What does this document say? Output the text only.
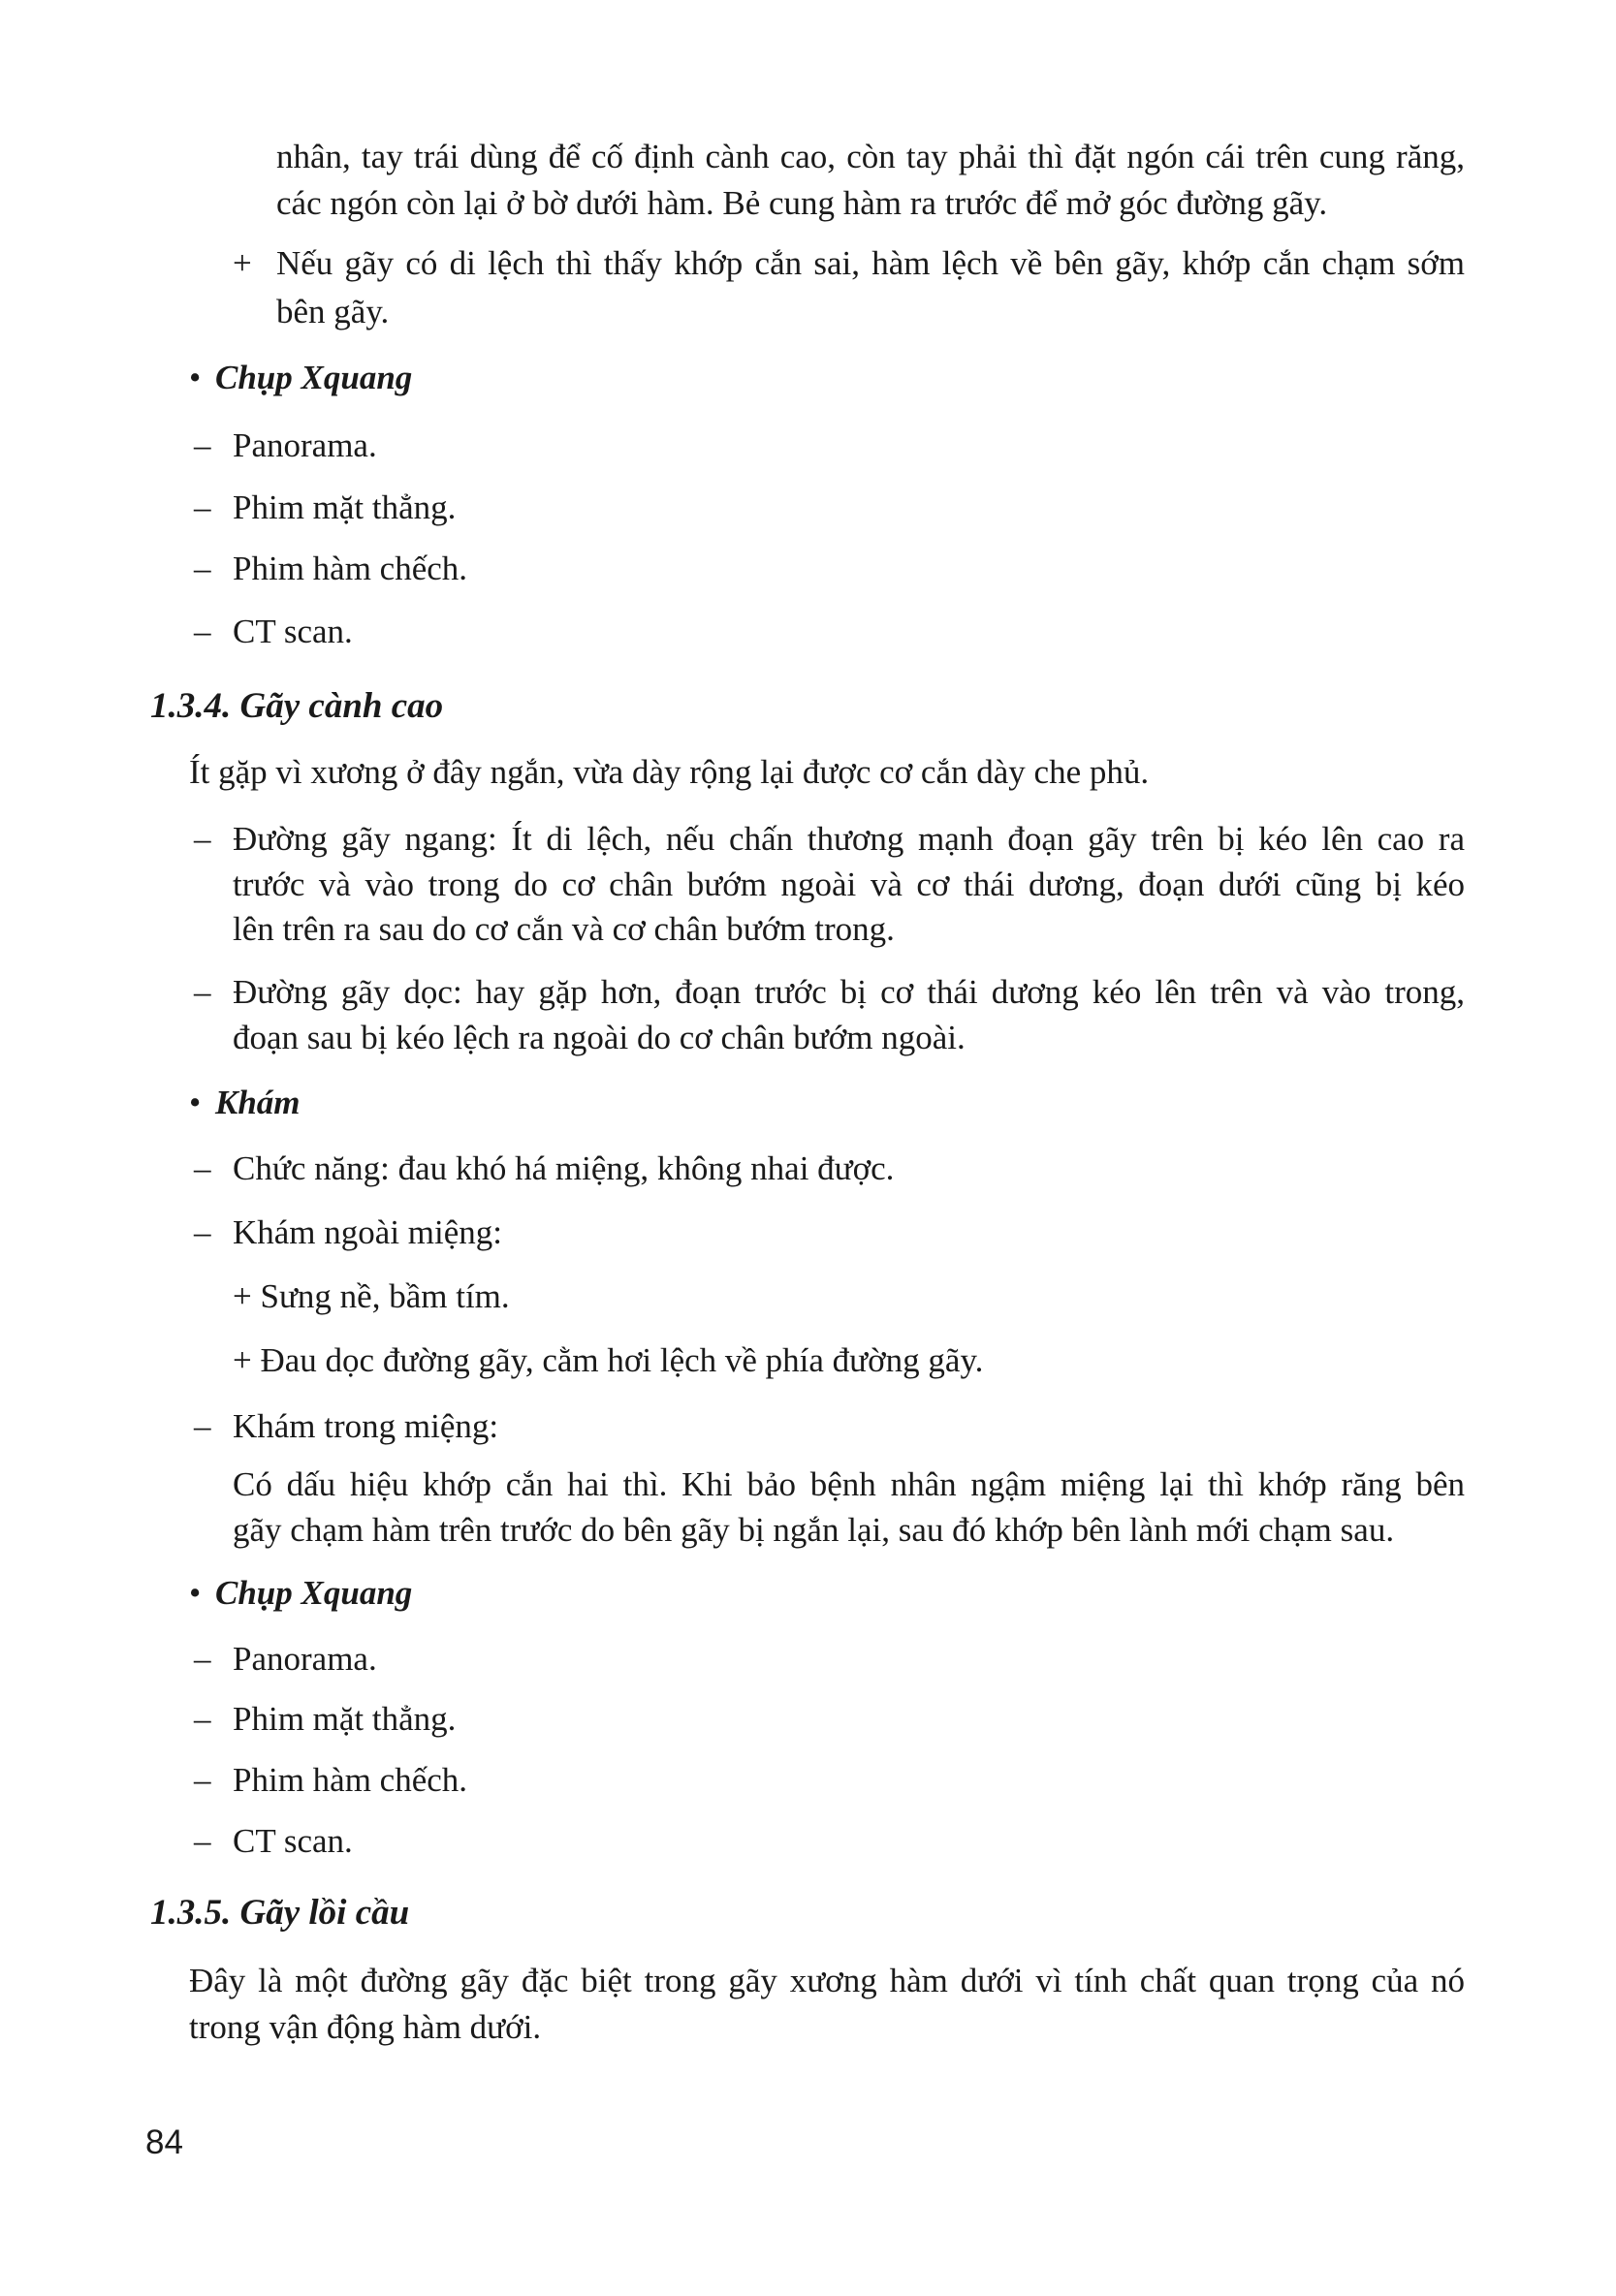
nhân, tay trái dùng để cố định cành cao, còn tay phải thì đặt ngón cái trên cung răng,
các ngón còn lại ở bờ dưới hàm. Bẻ cung hàm ra trước để mở góc đường gãy.
+ Nếu gãy có di lệch thì thấy khớp cắn sai, hàm lệch về bên gãy, khớp cắn chạm sớm
bên gãy.
• Chụp Xquang
– Panorama.
– Phim mặt thẳng.
– Phim hàm chếch.
– CT scan.
1.3.4. Gãy cành cao
Ít gặp vì xương ở đây ngắn, vừa dày rộng lại được cơ cắn dày che phủ.
– Đường gãy ngang: Ít di lệch, nếu chấn thương mạnh đoạn gãy trên bị kéo lên cao ra
trước và vào trong do cơ chân bướm ngoài và cơ thái dương, đoạn dưới cũng bị kéo
lên trên ra sau do cơ cắn và cơ chân bướm trong.
– Đường gãy dọc: hay gặp hơn, đoạn trước bị cơ thái dương kéo lên trên và vào trong,
đoạn sau bị kéo lệch ra ngoài do cơ chân bướm ngoài.
• Khám
– Chức năng: đau khó há miệng, không nhai được.
– Khám ngoài miệng:
+ Sưng nề, bầm tím.
+ Đau dọc đường gãy, cằm hơi lệch về phía đường gãy.
– Khám trong miệng:
Có dấu hiệu khớp cắn hai thì. Khi bảo bệnh nhân ngậm miệng lại thì khớp răng bên
gãy chạm hàm trên trước do bên gãy bị ngắn lại, sau đó khớp bên lành mới chạm sau.
• Chụp Xquang
– Panorama.
– Phim mặt thẳng.
– Phim hàm chếch.
– CT scan.
1.3.5. Gãy lồi cầu
Đây là một đường gãy đặc biệt trong gãy xương hàm dưới vì tính chất quan trọng của nó
trong vận động hàm dưới.
84
